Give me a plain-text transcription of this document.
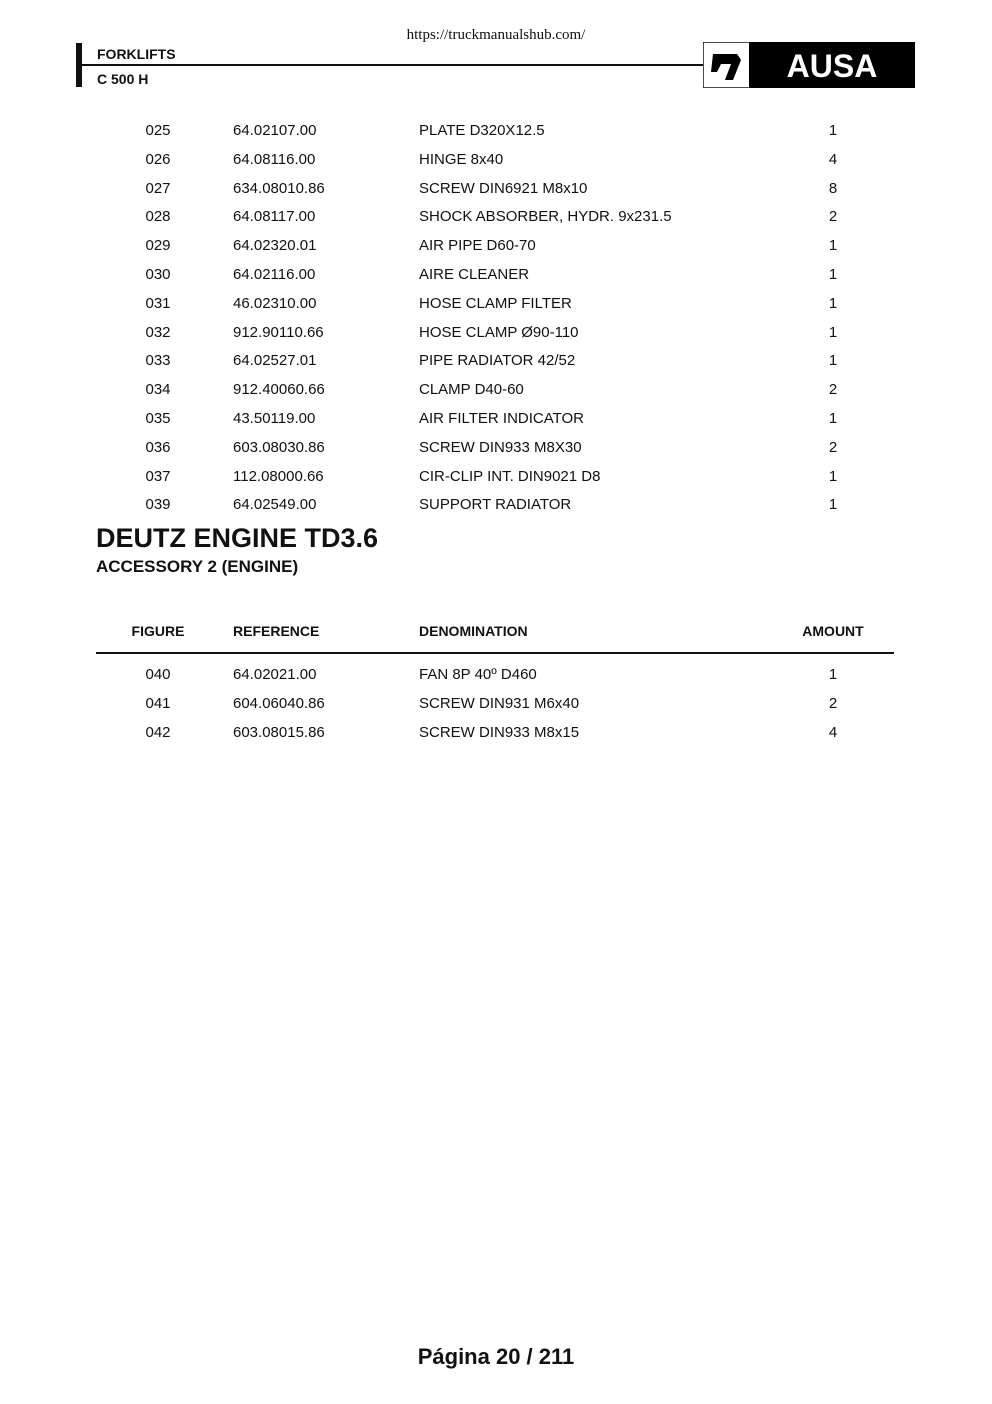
https://truckmanualshub.com/
FORKLIFTS
C 500 H	AUSA
025	64.02107.00	PLATE D320X12.5	1
026	64.08116.00	HINGE 8x40	4
027	634.08010.86	SCREW DIN6921 M8x10	8
028	64.08117.00	SHOCK ABSORBER, HYDR. 9x231.5	2
029	64.02320.01	AIR PIPE D60-70	1
030	64.02116.00	AIRE CLEANER	1
031	46.02310.00	HOSE CLAMP FILTER	1
032	912.90110.66	HOSE CLAMP Ø90-110	1
033	64.02527.01	PIPE RADIATOR 42/52	1
034	912.40060.66	CLAMP D40-60	2
035	43.50119.00	AIR FILTER INDICATOR	1
036	603.08030.86	SCREW DIN933 M8X30	2
037	112.08000.66	CIR-CLIP INT. DIN9021 D8	1
039	64.02549.00	SUPPORT RADIATOR	1
DEUTZ ENGINE TD3.6
ACCESSORY 2 (ENGINE)
FIGURE	REFERENCE	DENOMINATION	AMOUNT
040	64.02021.00	FAN 8P 40º D460	1
041	604.06040.86	SCREW DIN931 M6x40	2
042	603.08015.86	SCREW DIN933 M8x15	4
Página 20 / 211
